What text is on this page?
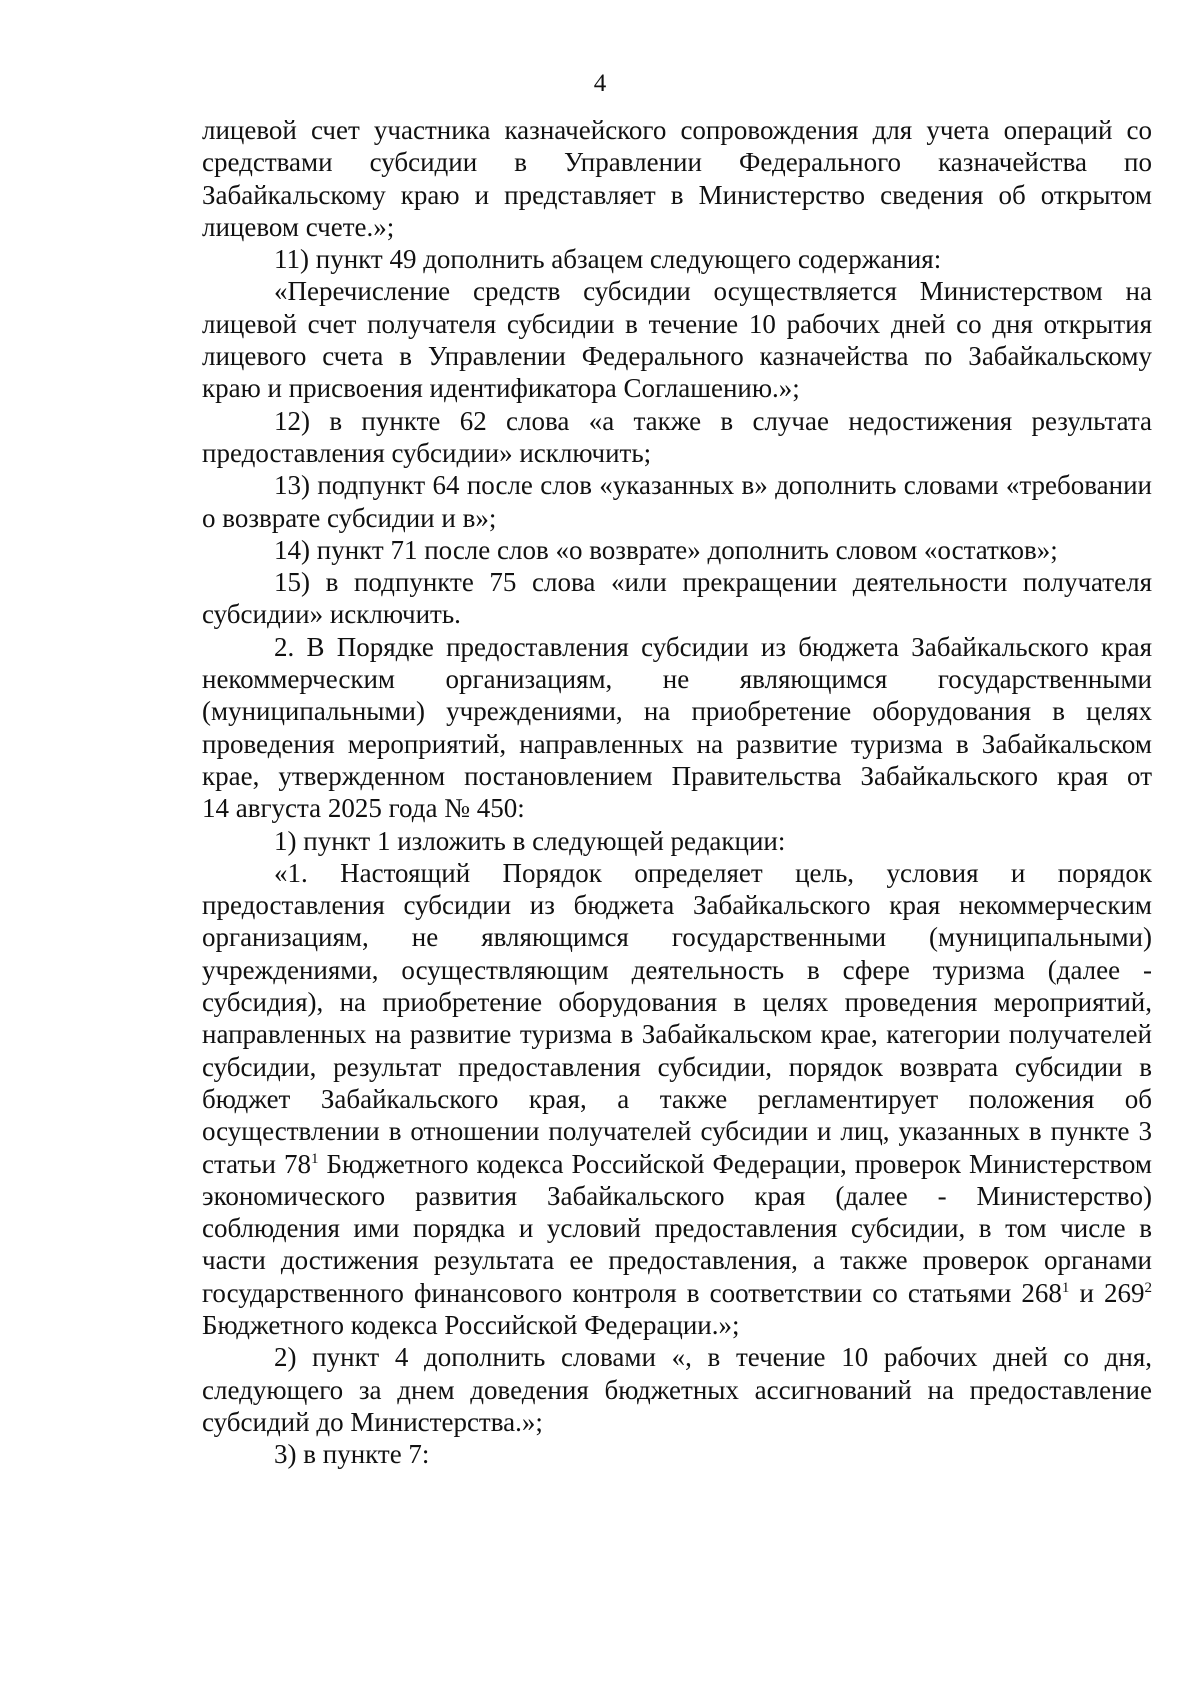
4

лицевой счет участника казначейского сопровождения для учета операций со средствами субсидии в Управлении Федерального казначейства по Забайкальскому краю и представляет в Министерство сведения об открытом лицевом счете.»;

11) пункт 49 дополнить абзацем следующего содержания:

«Перечисление средств субсидии осуществляется Министерством на лицевой счет получателя субсидии в течение 10 рабочих дней со дня открытия лицевого счета в Управлении Федерального казначейства по Забайкальскому краю и присвоения идентификатора Соглашению.»;

12) в пункте 62 слова «а также в случае недостижения результата предоставления субсидии» исключить;

13) подпункт 64 после слов «указанных в» дополнить словами «требовании о возврате субсидии и в»;

14) пункт 71 после слов «о возврате» дополнить словом «остатков»;

15) в подпункте 75 слова «или прекращении деятельности получателя субсидии» исключить.

2. В Порядке предоставления субсидии из бюджета Забайкальского края некоммерческим организациям, не являющимся государственными (муниципальными) учреждениями, на приобретение оборудования в целях проведения мероприятий, направленных на развитие туризма в Забайкальском крае, утвержденном постановлением Правительства Забайкальского края от

14 августа 2025 года № 450:

1) пункт 1 изложить в следующей редакции:

«1. Настоящий Порядок определяет цель, условия и порядок предоставления субсидии из бюджета Забайкальского края некоммерческим организациям, не являющимся государственными (муниципальными) учреждениями, осуществляющим деятельность в сфере туризма (далее - субсидия), на приобретение оборудования в целях проведения мероприятий, направленных на развитие туризма в Забайкальском крае, категории получателей субсидии, результат предоставления субсидии, порядок возврата субсидии в бюджет Забайкальского края, а также регламентирует положения об осуществлении в отношении получателей субсидии и лиц, указанных в пункте 3 статьи $78^1$ Бюджетного кодекса Российской Федерации, проверок Министерством экономического развития Забайкальского края (далее - Министерство) соблюдения ими порядка и условий предоставления субсидии, в том числе в части достижения результата ее предоставления, а также проверок органами государственного финансового контроля в соответствии со статьями $268^1$ и $269^2$ Бюджетного кодекса Российской Федерации.»;

2) пункт 4 дополнить словами «, в течение 10 рабочих дней со дня, следующего за днем доведения бюджетных ассигнований на предоставление субсидий до Министерства.»;

3) в пункте 7:
